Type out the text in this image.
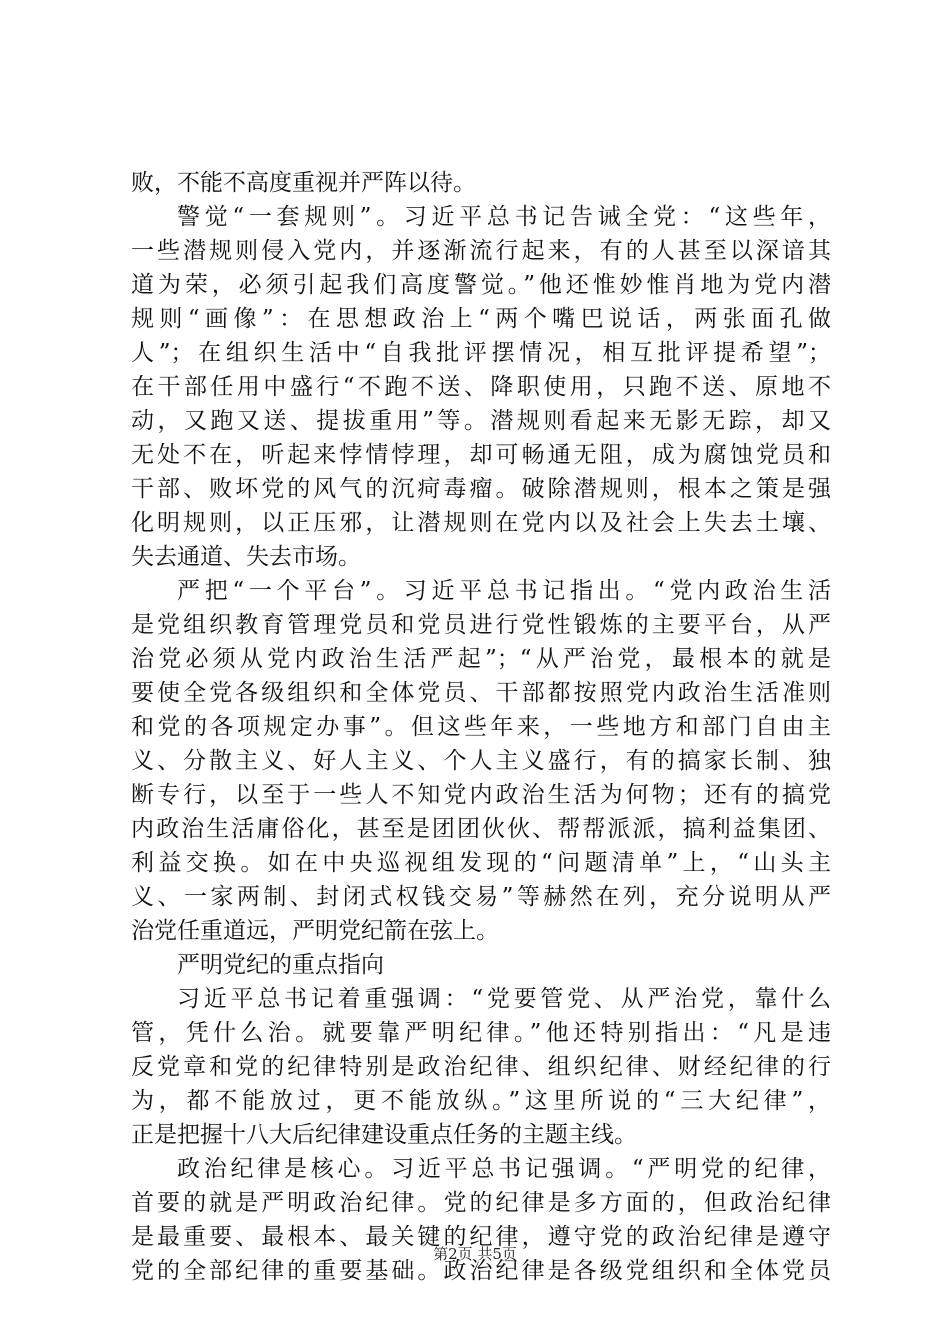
败，不能不高度重视并严阵以待。
警觉“一套规则”。习近平总书记告诫全党：“这些年，
一些潜规则侵入党内，并逐渐流行起来，有的人甚至以深谙其
道为荣，必须引起我们高度警觉。”他还惟妙惟肖地为党内潜
规则“画像”：在思想政治上“两个嘴巴说话，两张面孔做
人”；在组织生活中“自我批评摆情况，相互批评提希望”；
在干部任用中盛行“不跑不送、降职使用，只跑不送、原地不
动，又跑又送、提拔重用”等。潜规则看起来无影无踪，却又
无处不在，听起来悖情悖理，却可畅通无阻，成为腐蚀党员和
干部、败坏党的风气的沉疴毒瘤。破除潜规则，根本之策是强
化明规则，以正压邪，让潜规则在党内以及社会上失去土壤、
失去通道、失去市场。
严把“一个平台”。习近平总书记指出。“党内政治生活
是党组织教育管理党员和党员进行党性锻炼的主要平台，从严
治党必须从党内政治生活严起”；“从严治党，最根本的就是
要使全党各级组织和全体党员、干部都按照党内政治生活准则
和党的各项规定办事”。但这些年来，一些地方和部门自由主
义、分散主义、好人主义、个人主义盛行，有的搞家长制、独
断专行，以至于一些人不知党内政治生活为何物；还有的搞党
内政治生活庸俗化，甚至是团团伙伙、帮帮派派，搞利益集团、
利益交换。如在中央巡视组发现的“问题清单”上，“山头主
义、一家两制、封闭式权钱交易”等赫然在列，充分说明从严
治党任重道远，严明党纪箭在弦上。
严明党纪的重点指向
习近平总书记着重强调：“党要管党、从严治党，靠什么
管，凭什么治。就要靠严明纪律。”他还特别指出：“凡是违
反党章和党的纪律特别是政治纪律、组织纪律、财经纪律的行
为，都不能放过，更不能放纵。”这里所说的“三大纪律”，
正是把握十八大后纪律建设重点任务的主题主线。
政治纪律是核心。习近平总书记强调。“严明党的纪律，
首要的就是严明政治纪律。党的纪律是多方面的，但政治纪律
是最重要、最根本、最关键的纪律，遵守党的政治纪律是遵守
党的全部纪律的重要基础。政治纪律是各级党组织和全体党员
第2页 共5页
